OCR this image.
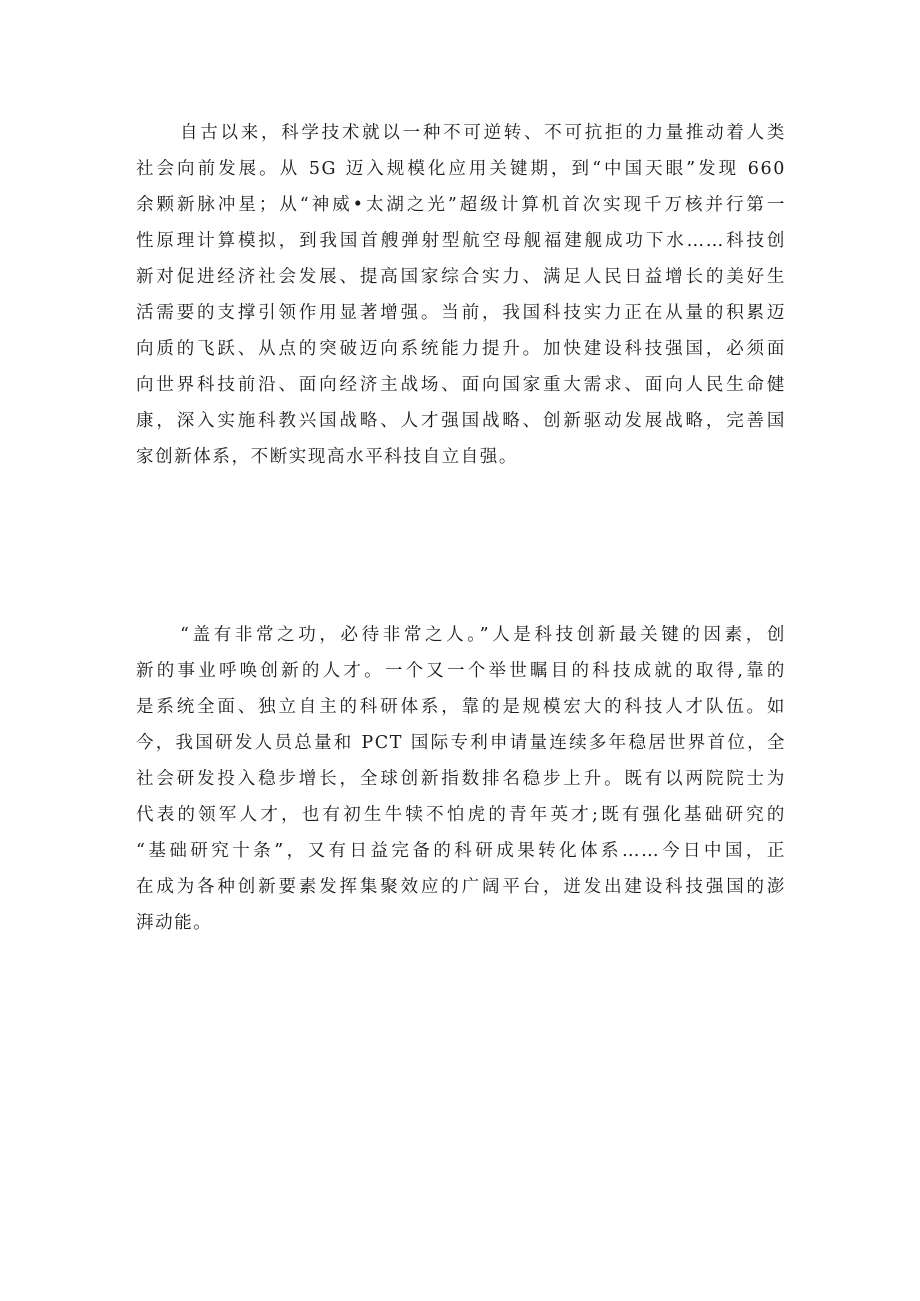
自古以来，科学技术就以一种不可逆转、不可抗拒的力量推动着人类
社会向前发展。从 5G 迈入规模化应用关键期，到“中国天眼”发现 660
余颗新脉冲星；从“神威•太湖之光”超级计算机首次实现千万核并行第一
性原理计算模拟，到我国首艘弹射型航空母舰福建舰成功下水……科技创
新对促进经济社会发展、提高国家综合实力、满足人民日益增长的美好生
活需要的支撑引领作用显著增强。当前，我国科技实力正在从量的积累迈
向质的飞跃、从点的突破迈向系统能力提升。加快建设科技强国，必须面
向世界科技前沿、面向经济主战场、面向国家重大需求、面向人民生命健
康，深入实施科教兴国战略、人才强国战略、创新驱动发展战略，完善国
家创新体系，不断实现高水平科技自立自强。
“盖有非常之功，必待非常之人。”人是科技创新最关键的因素，创
新的事业呼唤创新的人才。一个又一个举世瞩目的科技成就的取得,靠的
是系统全面、独立自主的科研体系，靠的是规模宏大的科技人才队伍。如
今，我国研发人员总量和 PCT 国际专利申请量连续多年稳居世界首位，全
社会研发投入稳步增长，全球创新指数排名稳步上升。既有以两院院士为
代表的领军人才，也有初生牛犊不怕虎的青年英才;既有强化基础研究的
“基础研究十条”，又有日益完备的科研成果转化体系……今日中国，正
在成为各种创新要素发挥集聚效应的广阔平台，迸发出建设科技强国的澎
湃动能。
